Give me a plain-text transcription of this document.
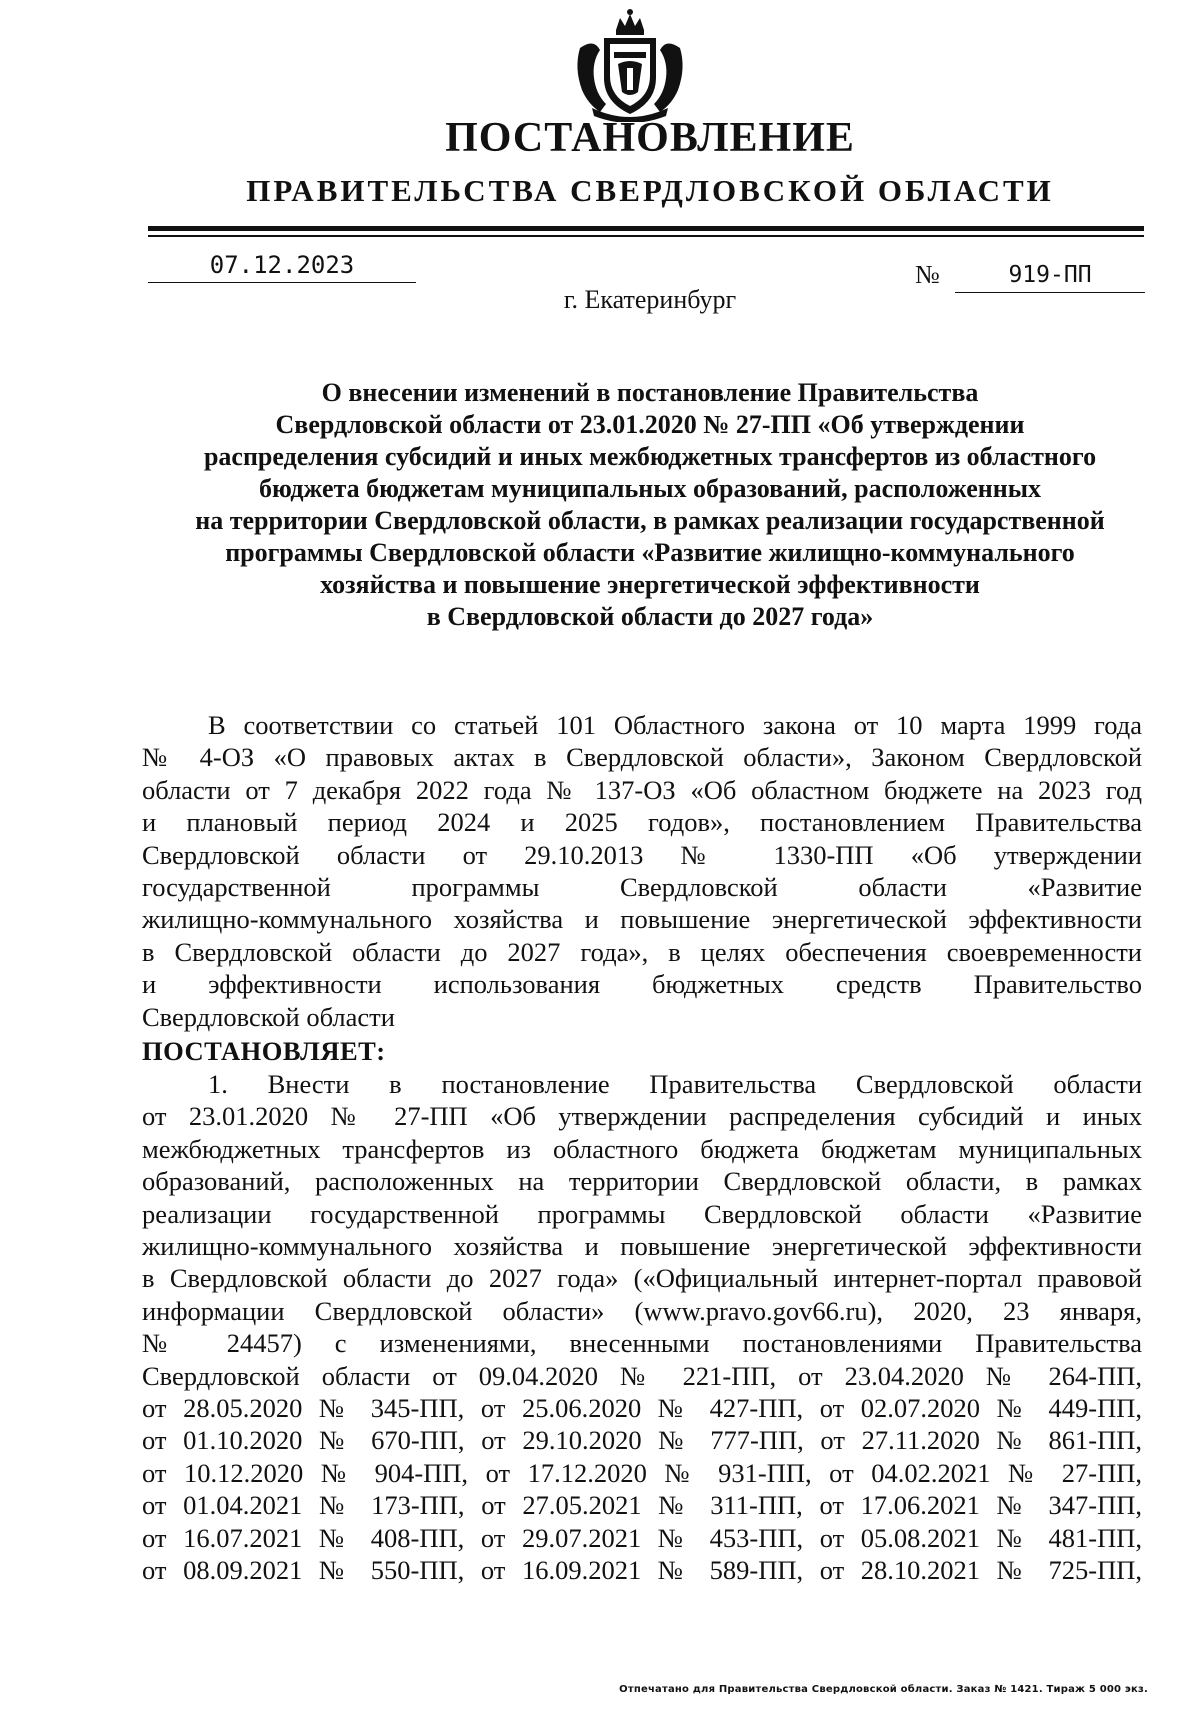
ПОСТАНОВЛЕНИЕ
ПРАВИТЕЛЬСТВА СВЕРДЛОВСКОЙ ОБЛАСТИ
07.12.2023	№	919-ПП
г. Екатеринбург
О внесении изменений в постановление Правительства
Свердловской области от 23.01.2020 № 27-ПП «Об утверждении
распределения субсидий и иных межбюджетных трансфертов из областного
бюджета бюджетам муниципальных образований, расположенных
на территории Свердловской области, в рамках реализации государственной
программы Свердловской области «Развитие жилищно-коммунального
хозяйства и повышение энергетической эффективности
в Свердловской области до 2027 года»
В соответствии со статьей 101 Областного закона от 10 марта 1999 года
№ 4-ОЗ «О правовых актах в Свердловской области», Законом Свердловской
области от 7 декабря 2022 года № 137-ОЗ «Об областном бюджете на 2023 год
и плановый период 2024 и 2025 годов», постановлением Правительства
Свердловской области от 29.10.2013 № 1330-ПП «Об утверждении
государственной программы Свердловской области «Развитие
жилищно-коммунального хозяйства и повышение энергетической эффективности
в Свердловской области до 2027 года», в целях обеспечения своевременности
и эффективности использования бюджетных средств Правительство
Свердловской области
ПОСТАНОВЛЯЕТ:
1. Внести в постановление Правительства Свердловской области
от 23.01.2020 № 27-ПП «Об утверждении распределения субсидий и иных
межбюджетных трансфертов из областного бюджета бюджетам муниципальных
образований, расположенных на территории Свердловской области, в рамках
реализации государственной программы Свердловской области «Развитие
жилищно-коммунального хозяйства и повышение энергетической эффективности
в Свердловской области до 2027 года» («Официальный интернет-портал правовой
информации Свердловской области» (www.pravo.gov66.ru), 2020, 23 января,
№ 24457) с изменениями, внесенными постановлениями Правительства
Свердловской области от 09.04.2020 № 221-ПП, от 23.04.2020 № 264-ПП,
от 28.05.2020 № 345-ПП, от 25.06.2020 № 427-ПП, от 02.07.2020 № 449-ПП,
от 01.10.2020 № 670-ПП, от 29.10.2020 № 777-ПП, от 27.11.2020 № 861-ПП,
от 10.12.2020 № 904-ПП, от 17.12.2020 № 931-ПП, от 04.02.2021 № 27-ПП,
от 01.04.2021 № 173-ПП, от 27.05.2021 № 311-ПП, от 17.06.2021 № 347-ПП,
от 16.07.2021 № 408-ПП, от 29.07.2021 № 453-ПП, от 05.08.2021 № 481-ПП,
от 08.09.2021 № 550-ПП, от 16.09.2021 № 589-ПП, от 28.10.2021 № 725-ПП,
Отпечатано для Правительства Свердловской области. Заказ № 1421. Тираж 5 000 экз.
